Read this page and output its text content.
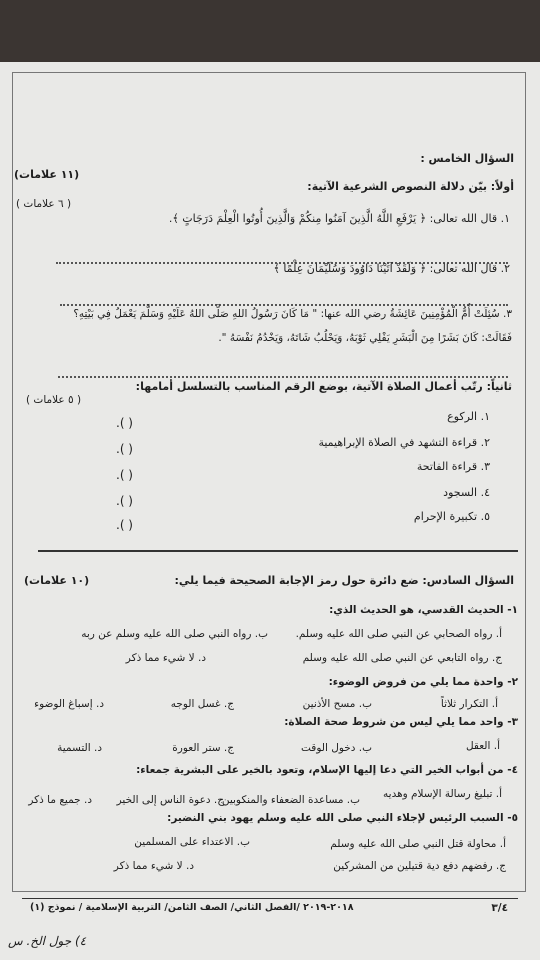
السؤال الخامس :
(١١ علامات)
أولاً: بيّن دلالة النصوص الشرعية الآتية:
( ٦ علامات )
١. قال الله تعالى: ﴿ يَرْفَعِ اللَّهُ الَّذِينَ آمَنُوا مِنكُمْ وَالَّذِينَ أُوتُوا الْعِلْمَ دَرَجَاتٍ ﴾.
٢. قال الله تعالى: ﴿ وَلَقَدْ آتَيْنَا دَاوُودَ وَسُلَيْمَانَ عِلْمًا ﴾
٣. سُئِلَتْ أُمُّ الْمُؤْمِنِينَ عَائِشَةُ رضي الله عنها: " مَا كَانَ رَسُولُ اللهِ صَلَّى اللهُ عَلَيْهِ وَسَلَّمَ يَعْمَلُ فِي بَيْتِهِ؟
فَقَالَتْ: كَانَ بَشَرًا مِنَ الْبَشَرِ يَفْلِي ثَوْبَهُ، وَيَحْلُبُ شَاتَهُ، وَيَخْدُمُ نَفْسَهُ ".
ثانياً: رتّب أعمال الصلاة الآتية، بوضع الرقم المناسب بالتسلسل أمامها:
( ٥ علامات )
١. الركوع
٢. قراءة التشهد في الصلاة الإبراهيمية
٣. قراءة الفاتحة
٤. السجود
٥. تكبيرة الإحرام
( ).
( ).
( ).
( ).
( ).
السؤال السادس: ضع دائرة حول رمز الإجابة الصحيحة فيما يلي:
(١٠ علامات)
١- الحديث القدسي، هو الحديث الذي:
أ. رواه الصحابي عن النبي صلى الله عليه وسلم.
ب. رواه النبي صلى الله عليه وسلم عن ربه
ج. رواه التابعي عن النبي صلى الله عليه وسلم
د. لا شيء مما ذكر
٢- واحدة مما يلي من فروض الوضوء:
أ. التكرار ثلاثاً
ب. مسح الأذنين
ج. غسل الوجه
د. إسباغ الوضوء
٣- واحد مما يلي ليس من شروط صحة الصلاة:
أ. العقل
ب. دخول الوقت
ج. ستر العورة
د. التسمية
٤- من أبواب الخير التي دعا إليها الإسلام، وتعود بالخير على البشرية جمعاء:
أ. تبليغ رسالة الإسلام وهديه
ب. مساعدة الضعفاء والمنكوبين
ج. دعوة الناس إلى الخير
د. جميع ما ذكر
٥- السبب الرئيس لإجلاء النبي صلى الله عليه وسلم يهود بني النضير:
أ. محاولة قتل النبي صلى الله عليه وسلم
ب. الاعتداء على المسلمين
ج. رفضهم دفع دية قتيلين من المشركين
د. لا شيء مما ذكر
٢٠١٨-٢٠١٩ /الفصل الثاني/ الصف الثامن/ التربية الإسلامية / نموذج (١)	٣/٤
٤) جول الخ. س
